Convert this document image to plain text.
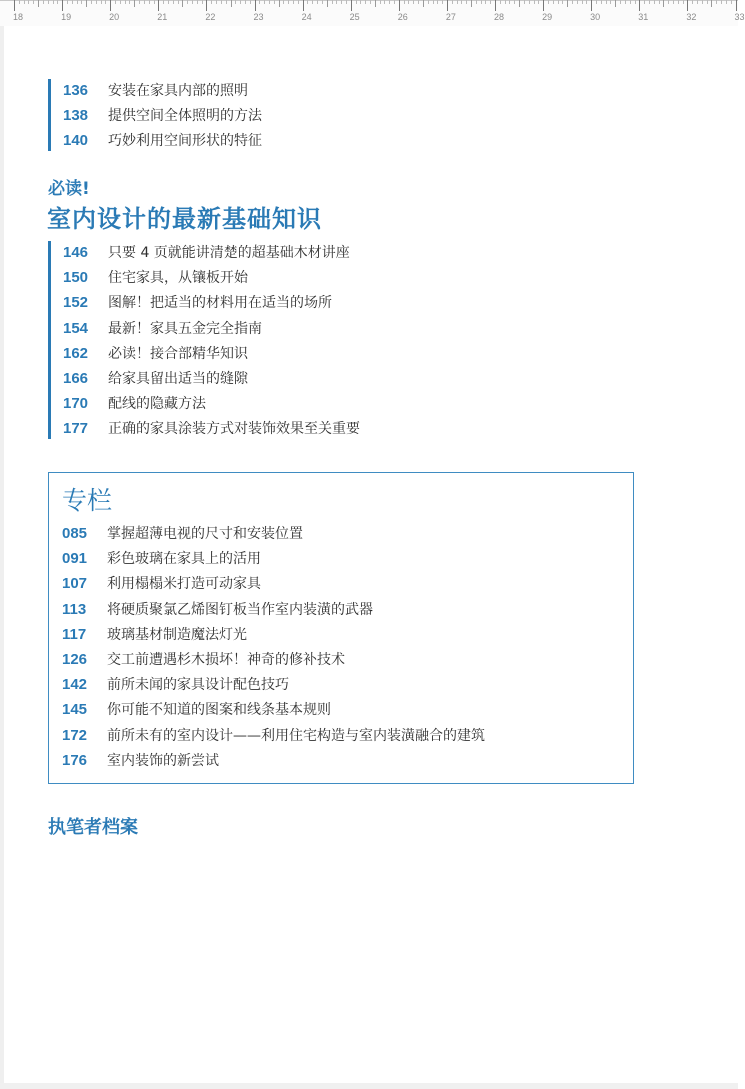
18	19	20	21	22	23	24	25	26	27	28	29	30	31	32	33
136 安装在家具内部的照明
138 提供空间全体照明的方法
140 巧妙利用空间形状的特征
必读!
室内设计的最新基础知识
146 只要 4 页就能讲清楚的超基础木材讲座
150 住宅家具，从镶板开始
152 图解！把适当的材料用在适当的场所
154 最新！家具五金完全指南
162 必读！接合部精华知识
166 给家具留出适当的缝隙
170 配线的隐藏方法
177 正确的家具涂装方式对装饰效果至关重要
专栏
085 掌握超薄电视的尺寸和安装位置
091 彩色玻璃在家具上的活用
107 利用榻榻米打造可动家具
113 将硬质聚氯乙烯图钉板当作室内装潢的武器
117 玻璃基材制造魔法灯光
126 交工前遭遇杉木损坏！神奇的修补技术
142 前所未闻的家具设计配色技巧
145 你可能不知道的图案和线条基本规则
172 前所未有的室内设计——利用住宅构造与室内装潢融合的建筑
176 室内装饰的新尝试
执笔者档案
